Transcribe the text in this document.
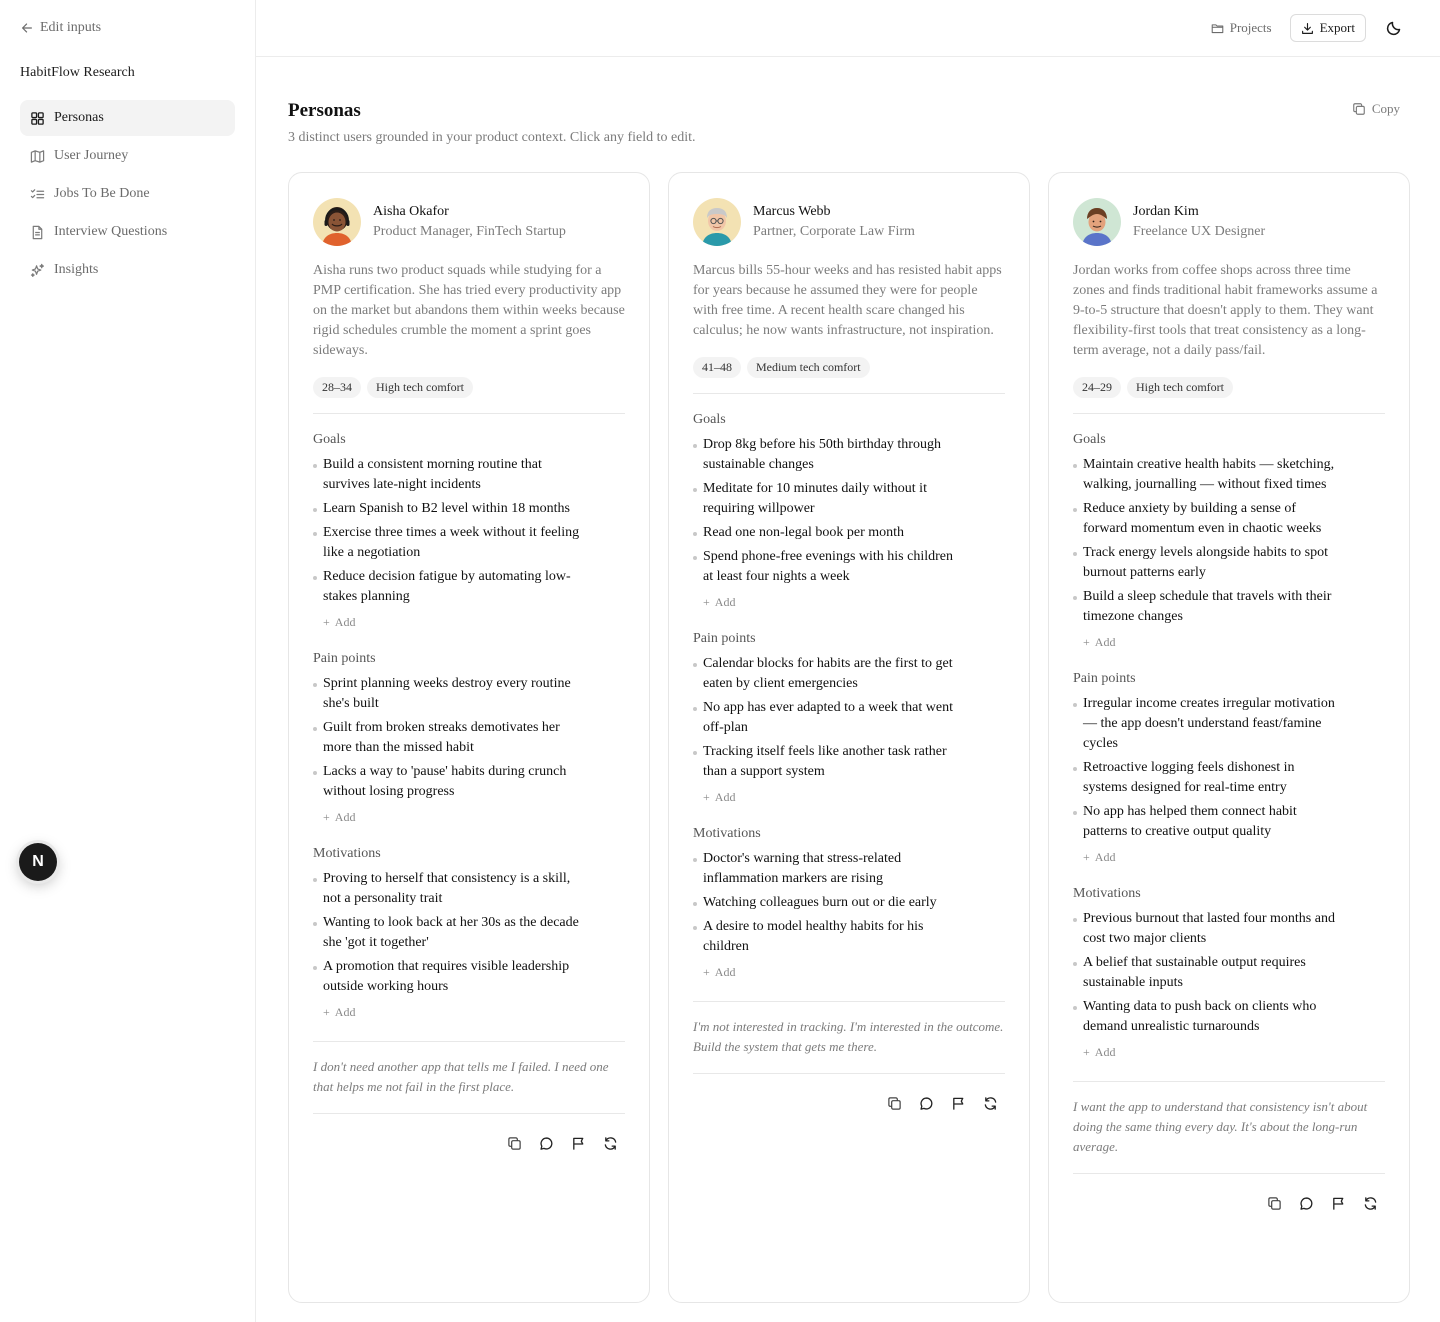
Edit inputs
HabitFlow Research
Personas
User Journey
Jobs To Be Done
Interview Questions
Insights
N
Projects	Export
Personas

3 distinct users grounded in your product context. Click any field to edit.

Copy
Aisha Okafor
Product Manager, FinTech Startup

Aisha runs two product squads while studying for a PMP certification. She has tried every productivity app on the market but abandons them within weeks because rigid schedules crumble the moment a sprint goes sideways.

28–34	High tech comfort
Goals
Build a consistent morning routine that survives late-night incidents
Learn Spanish to B2 level within 18 months
Exercise three times a week without it feeling like a negotiation
Reduce decision fatigue by automating low-stakes planning
+ Add
Pain points
Sprint planning weeks destroy every routine she's built
Guilt from broken streaks demotivates her more than the missed habit
Lacks a way to 'pause' habits during crunch without losing progress
+ Add
Motivations
Proving to herself that consistency is a skill, not a personality trait
Wanting to look back at her 30s as the decade she 'got it together'
A promotion that requires visible leadership outside working hours
+ Add

I don't need another app that tells me I failed. I need one that helps me not fail in the first place.

Marcus Webb
Partner, Corporate Law Firm

Marcus bills 55-hour weeks and has resisted habit apps for years because he assumed they were for people with free time. A recent health scare changed his calculus; he now wants infrastructure, not inspiration.

41–48	Medium tech comfort
Goals
Drop 8kg before his 50th birthday through sustainable changes
Meditate for 10 minutes daily without it requiring willpower
Read one non-legal book per month
Spend phone-free evenings with his children at least four nights a week
+ Add
Pain points
Calendar blocks for habits are the first to get eaten by client emergencies
No app has ever adapted to a week that went off-plan
Tracking itself feels like another task rather than a support system
+ Add
Motivations
Doctor's warning that stress-related inflammation markers are rising
Watching colleagues burn out or die early
A desire to model healthy habits for his children
+ Add

I'm not interested in tracking. I'm interested in the outcome. Build the system that gets me there.

Jordan Kim
Freelance UX Designer

Jordan works from coffee shops across three time zones and finds traditional habit frameworks assume a 9-to-5 structure that doesn't apply to them. They want flexibility-first tools that treat consistency as a long-term average, not a daily pass/fail.

24–29	High tech comfort
Goals
Maintain creative health habits — sketching, walking, journalling — without fixed times
Reduce anxiety by building a sense of forward momentum even in chaotic weeks
Track energy levels alongside habits to spot burnout patterns early
Build a sleep schedule that travels with their timezone changes
+ Add
Pain points
Irregular income creates irregular motivation — the app doesn't understand feast/famine cycles
Retroactive logging feels dishonest in systems designed for real-time entry
No app has helped them connect habit patterns to creative output quality
+ Add
Motivations
Previous burnout that lasted four months and cost two major clients
A belief that sustainable output requires sustainable inputs
Wanting data to push back on clients who demand unrealistic turnarounds
+ Add

I want the app to understand that consistency isn't about doing the same thing every day. It's about the long-run average.
